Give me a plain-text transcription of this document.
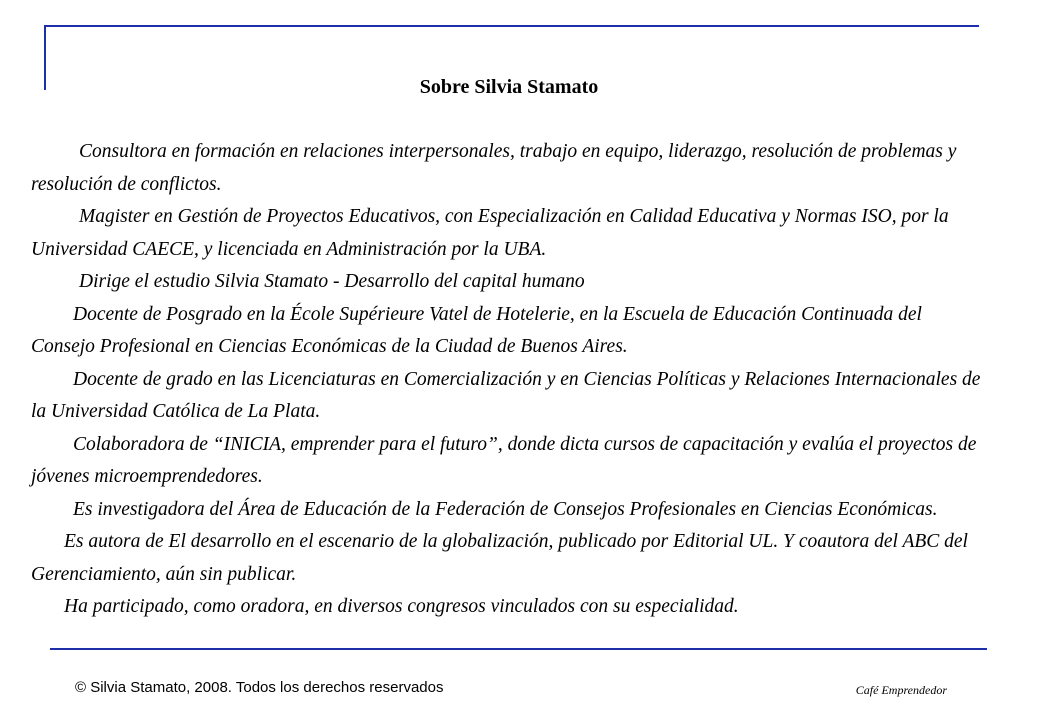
Sobre Silvia Stamato

Consultora en formación en relaciones interpersonales, trabajo en equipo, liderazgo, resolución de problemas y resolución de conflictos.

Magister en Gestión de Proyectos Educativos, con Especialización en Calidad Educativa y Normas ISO, por la Universidad CAECE, y licenciada en Administración por la UBA.

Dirige el estudio Silvia Stamato - Desarrollo del capital humano

Docente de Posgrado en la École Supérieure Vatel de Hotelerie, en la Escuela de Educación Continuada del Consejo Profesional en Ciencias Económicas de la Ciudad de Buenos Aires.

Docente de grado en las Licenciaturas en Comercialización y en Ciencias Políticas y Relaciones Internacionales de la Universidad Católica de La Plata.

Colaboradora de “INICIA, emprender para el futuro”, donde dicta cursos de capacitación y evalúa el proyectos de jóvenes microemprendedores.

Es investigadora del Área de Educación de la Federación de Consejos Profesionales en Ciencias Económicas.

Es autora de El desarrollo en el escenario de la globalización, publicado por Editorial UL. Y coautora del ABC del Gerenciamiento, aún sin publicar.

Ha participado, como oradora, en diversos congresos vinculados con su especialidad.

© Silvia Stamato, 2008. Todos los derechos reservados	Café Emprendedor
